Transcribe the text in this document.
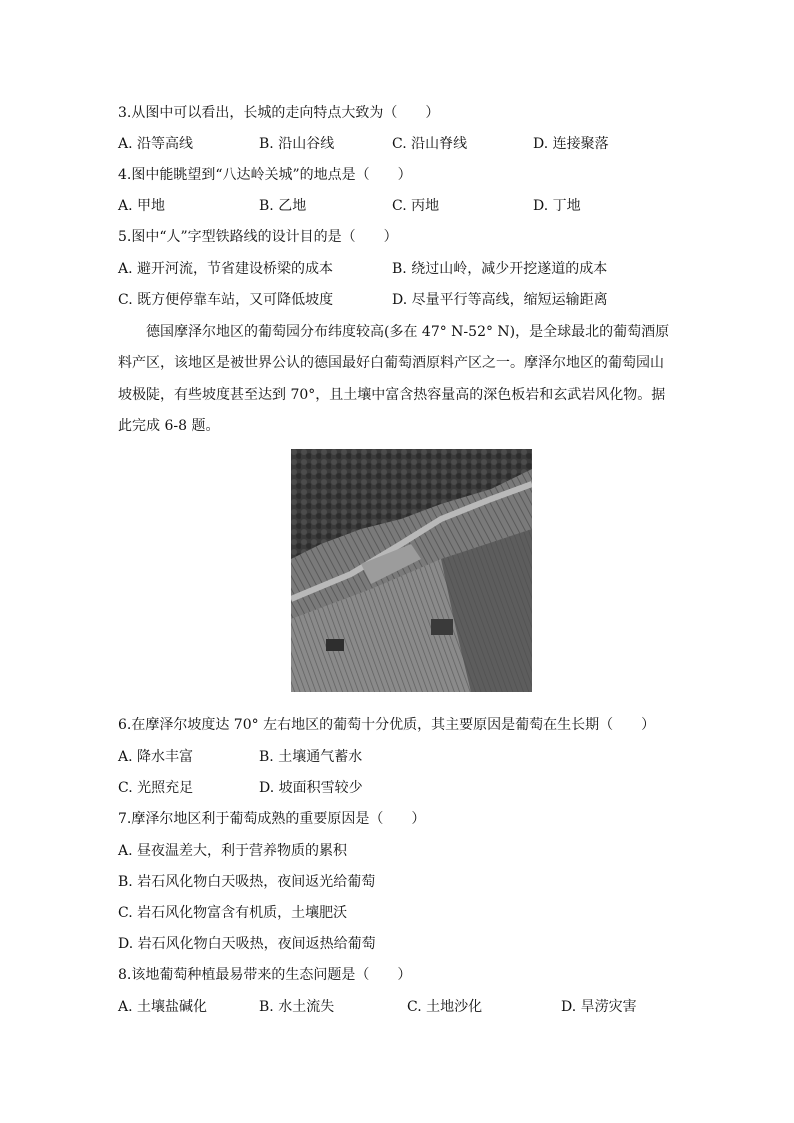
3.从图中可以看出，长城的走向特点大致为（　　）
A. 沿等高线	B. 沿山谷线	C. 沿山脊线	D. 连接聚落
4.图中能眺望到“八达岭关城”的地点是（　　）
A. 甲地	B. 乙地	C. 丙地	D. 丁地
5.图中“人”字型铁路线的设计目的是（　　）
A. 避开河流，节省建设桥梁的成本	B. 绕过山岭，减少开挖遂道的成本
C. 既方便停靠车站，又可降低坡度	D. 尽量平行等高线，缩短运输距离
德国摩泽尔地区的葡萄园分布纬度较高(多在 47° N-52° N)，是全球最北的葡萄酒原
料产区，该地区是被世界公认的德国最好白葡萄酒原料产区之一。摩泽尔地区的葡萄园山
坡极陡，有些坡度甚至达到 70°，且土壤中富含热容量高的深色板岩和玄武岩风化物。据
此完成 6-8 题。
6.在摩泽尔坡度达 70° 左右地区的葡萄十分优质，其主要原因是葡萄在生长期（　　）
A. 降水丰富	B. 土壤通气蓄水
C. 光照充足	D. 坡面积雪较少
7.摩泽尔地区利于葡萄成熟的重要原因是（　　）
A. 昼夜温差大，利于营养物质的累积
B. 岩石风化物白天吸热，夜间返光给葡萄
C. 岩石风化物富含有机质，土壤肥沃
D. 岩石风化物白天吸热，夜间返热给葡萄
8.该地葡萄种植最易带来的生态问题是（　　）
A. 土壤盐碱化	B. 水土流失	C. 土地沙化	D. 旱涝灾害
